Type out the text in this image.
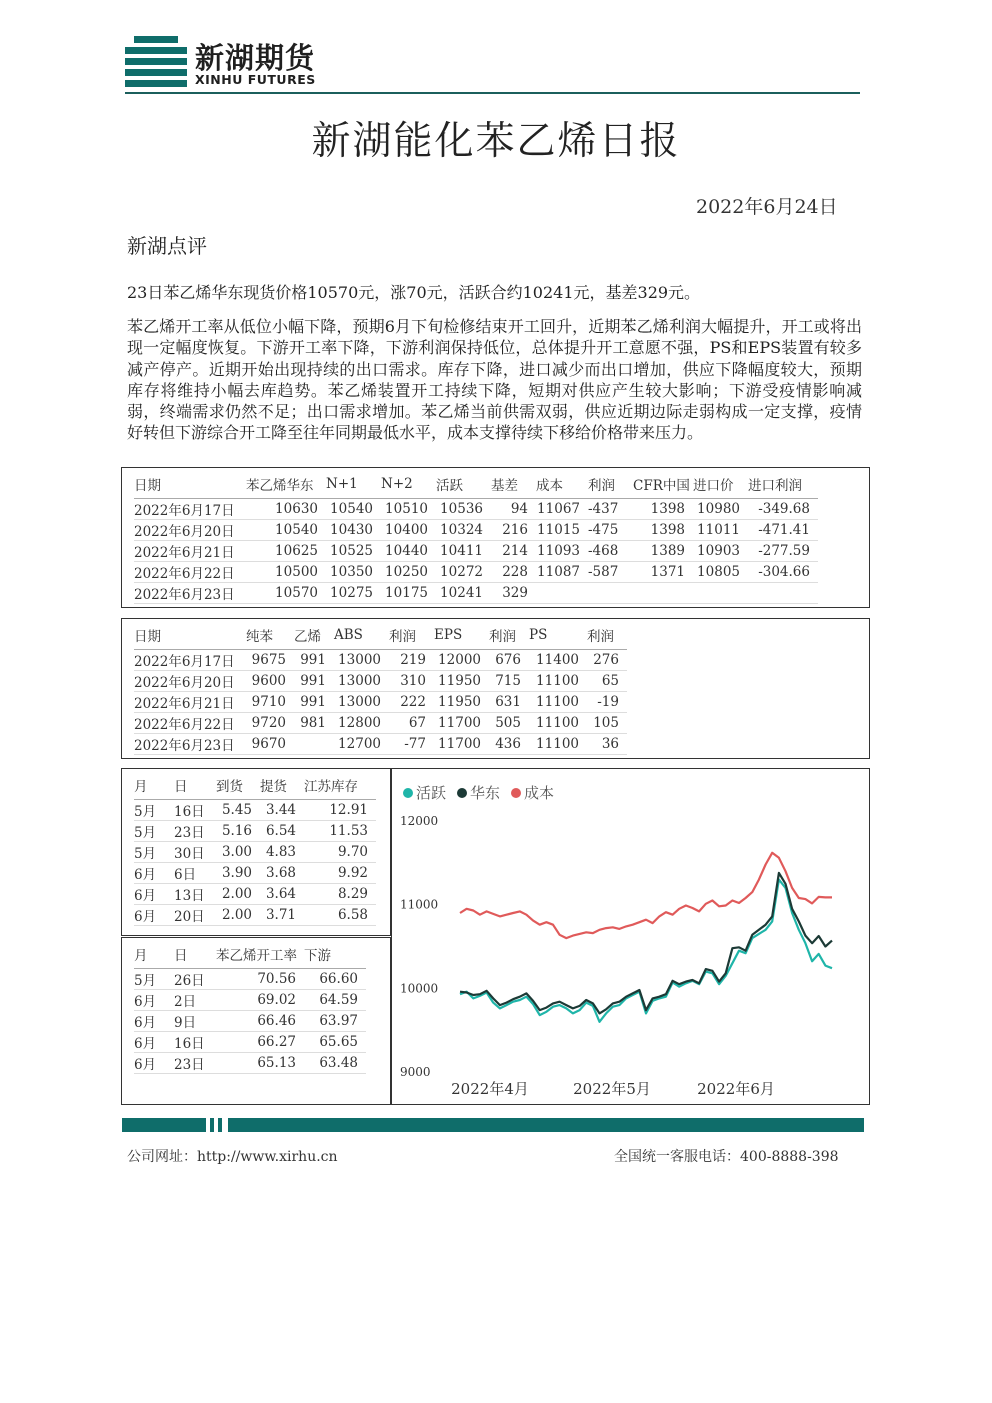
新湖期货
XINHU FUTURES
新湖能化苯乙烯日报
2022年6月24日
新湖点评
23日苯乙烯华东现货价格10570元，涨70元，活跃合约10241元，基差329元。
苯乙烯开工率从低位小幅下降，预期6月下旬检修结束开工回升，近期苯乙烯利润大幅提升，开工或将出现一定幅度恢复。下游开工率下降，下游利润保持低位，总体提升开工意愿不强，PS和EPS装置有较多减产停产。近期开始出现持续的出口需求。库存下降，进口减少而出口增加，供应下降幅度较大，预期库存将维持小幅去库趋势。苯乙烯装置开工持续下降，短期对供应产生较大影响；下游受疫情影响减弱，终端需求仍然不足；出口需求增加。苯乙烯当前供需双弱，供应近期边际走弱构成一定支撑，疫情好转但下游综合开工降至往年同期最低水平，成本支撑待续下移给价格带来压力。
日期	苯乙烯华东	N+1	N+2	活跃	基差	成本	利润	CFR中国	进口价	进口利润
2022年6月17日	10630	10540	10510	10536	94	11067	-437	1398	10980	-349.68
2022年6月20日	10540	10430	10400	10324	216	11015	-475	1398	11011	-471.41
2022年6月21日	10625	10525	10440	10411	214	11093	-468	1389	10903	-277.59
2022年6月22日	10500	10350	10250	10272	228	11087	-587	1371	10805	-304.66
2022年6月23日	10570	10275	10175	10241	329					
日期	纯苯	乙烯	ABS	利润	EPS	利润	PS	利润
2022年6月17日	9675	991	13000	219	12000	676	11400	276
2022年6月20日	9600	991	13000	310	11950	715	11100	65
2022年6月21日	9710	991	13000	222	11950	631	11100	-19
2022年6月22日	9720	981	12800	67	11700	505	11100	105
2022年6月23日	9670		12700	-77	11700	436	11100	36
月	日	到货	提货	江苏库存
5月	16日	5.45	3.44	12.91
5月	23日	5.16	6.54	11.53
5月	30日	3.00	4.83	9.70
6月	6日	3.90	3.68	9.92
6月	13日	2.00	3.64	8.29
6月	20日	2.00	3.71	6.58
月	日	苯乙烯开工率	下游
5月	26日	70.56	66.60
6月	2日	69.02	64.59
6月	9日	66.46	63.97
6月	16日	66.27	65.65
6月	23日	65.13	63.48
活跃 华东 成本
12000
11000
10000
9000
2022年4月	2022年5月	2022年6月
公司网址：http://www.xirhu.cn	全国统一客服电话：400-8888-398
